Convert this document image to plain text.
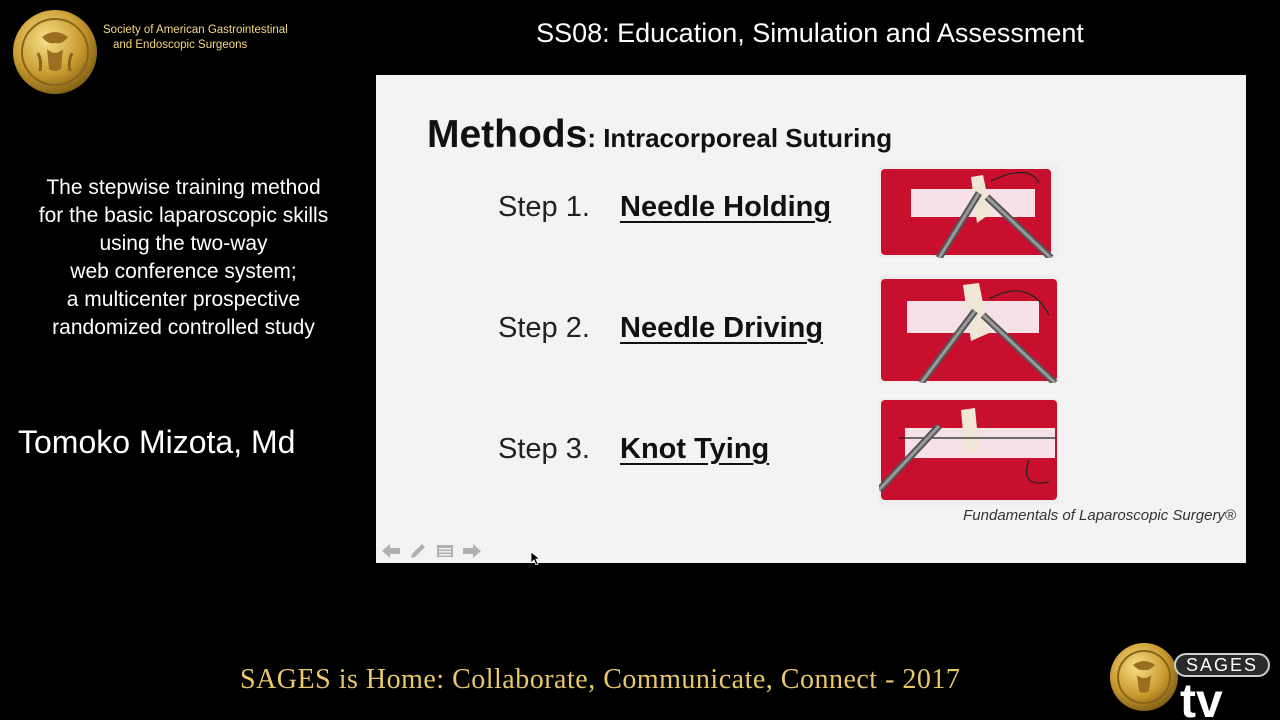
Society of American Gastrointestinal
and Endoscopic Surgeons	SS08: Education, Simulation and Assessment
The stepwise training method
for the basic laparoscopic skills
using the two-way
web conference system;
a multicenter prospective
randomized controlled study
Tomoko Mizota, Md
Methods: Intracorporeal Suturing
Step 1. Needle Holding
Step 2. Needle Driving
Step 3. Knot Tying
Fundamentals of Laparoscopic Surgery®
SAGES is Home: Collaborate, Communicate, Connect - 2017	SAGES
tv
